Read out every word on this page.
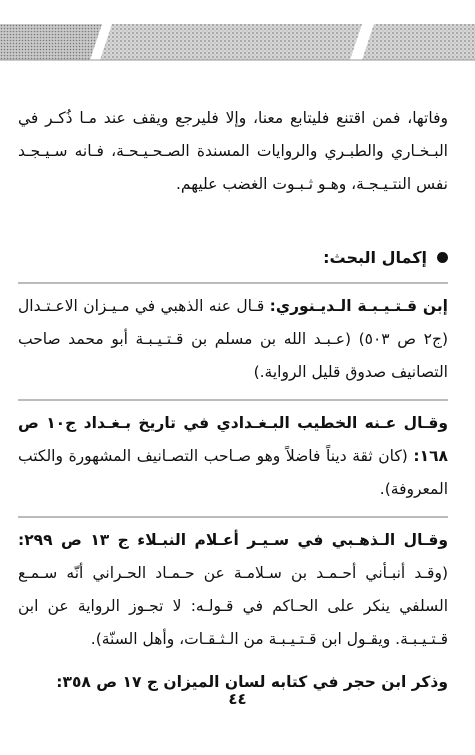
وفاتها، فمن اقتنع فليتابع معنا، وإلا فليرجع ويقف عند مـا ذُكـر في البـخـاري والطبـري والروايات المسندة الصـحـيـحـة، فـانه سـيـجـد نفس النتـيـجـة، وهـو ثـبـوت الغضب عليهم.

إكمال البحث:

إبن قـتـيـبـة الـديـنوري: قـال عنه الذهبي في مـيـزان الاعـتـدال (ج٢ ص ٥٠٣) (عـبـد الله بن مسلم بن قـتـيـبـة أبو محمد صاحب التصانيف صدوق قليل الرواية.)

وقـال عـنه الخطيب البـغـدادي في تاريخ بـغـداد ج١٠ ص ١٦٨: (كان ثقة ديناً فاضلاً وهو صـاحب التصـانيف المشهورة والكتب المعروفة).

وقـال الـذهـبي في سـيـر أعـلام النبـلاء ج ١٣ ص ٢٩٩: (وقـد أنبـأني أحـمـد بن سـلامـة عن حـمـاد الحـراني أنّه سـمـع السلفي ينكر على الحـاكم في قـولـه: لا تجـوز الرواية عن ابن قـتـيـبـة. ويقـول ابن قـتـيـبـة من الـثـقـات، وأهل السنّة).

وذكر ابن حجر في كتابه لسان الميزان ج ١٧ ص ٣٥٨:

٤٤
